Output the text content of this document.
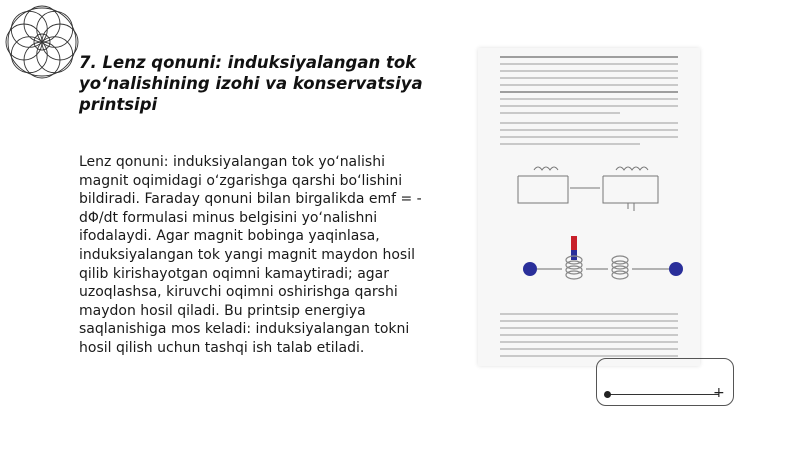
7. Lenz qonuni: induksiyalangan tok yo‘nalishining izohi va konservatsiya printsipi

Lenz qonuni: induksiyalangan tok yo‘nalishi magnit oqimidagi o‘zgarishga qarshi bo‘lishini bildiradi. Faraday qonuni bilan birgalikda emf = -dΦ/dt formulasi minus belgisini yo‘nalishni ifodalaydi. Agar magnit bobinga yaqinlasa, induksiyalangan tok yangi magnit maydon hosil qilib kirishayotgan oqimni kamaytiradi; agar uzoqlashsa, kiruvchi oqimni oshirishga qarshi maydon hosil qiladi. Bu printsip energiya saqlanishiga mos keladi: induksiyalangan tokni hosil qilish uchun tashqi ish talab etiladi.

+
